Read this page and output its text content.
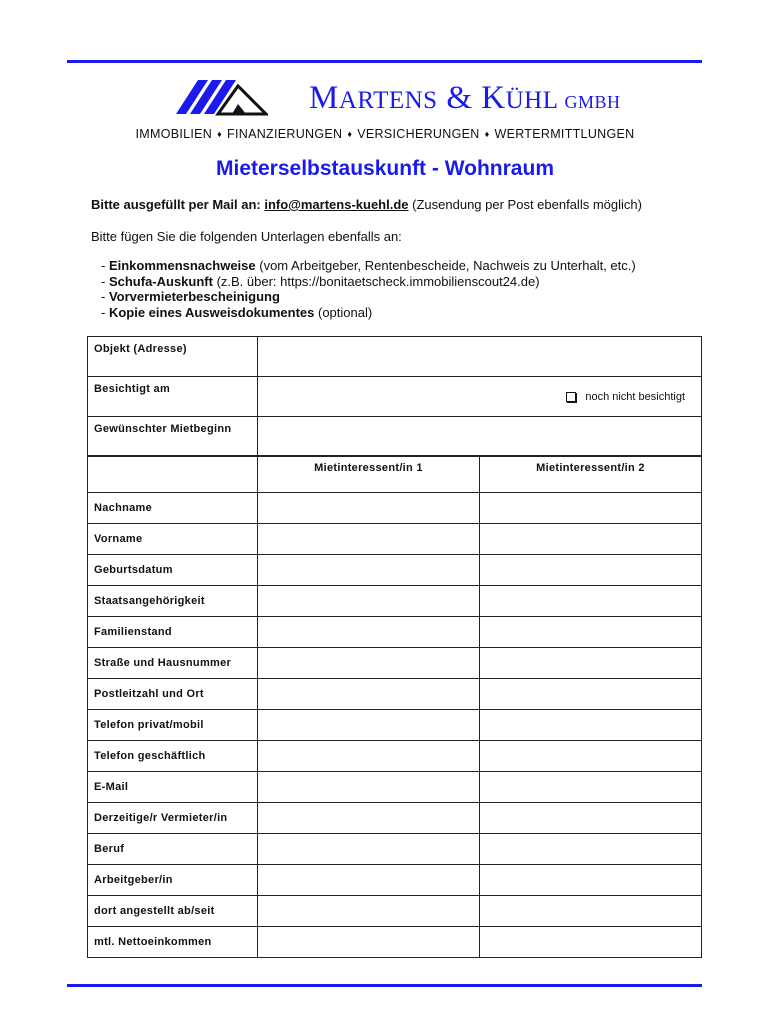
MARTENS & KÜHL GMBH
IMMOBILIEN ♦ FINANZIERUNGEN ♦ VERSICHERUNGEN ♦ WERTERMITTLUNGEN
Mieterselbstauskunft - Wohnraum
Bitte ausgefüllt per Mail an: info@martens-kuehl.de (Zusendung per Post ebenfalls möglich)
Bitte fügen Sie die folgenden Unterlagen ebenfalls an:
- Einkommensnachweise (vom Arbeitgeber, Rentenbescheide, Nachweis zu Unterhalt, etc.)
- Schufa-Auskunft (z.B. über: https://bonitaetscheck.immobilienscout24.de)
- Vorvermieterbescheinigung
- Kopie eines Ausweisdokumentes (optional)
Objekt (Adresse)	
Besichtigt am	noch nicht besichtigt

Gewünschter Mietbeginn	
	Mietinteressent/in 1	Mietinteressent/in 2
Nachname		
Vorname		
Geburtsdatum		
Staatsangehörigkeit		
Familienstand		
Straße und Hausnummer		
Postleitzahl und Ort		
Telefon privat/mobil		
Telefon geschäftlich		
E-Mail		
Derzeitige/r Vermieter/in		
Beruf		
Arbeitgeber/in		
dort angestellt ab/seit		
mtl. Nettoeinkommen		
